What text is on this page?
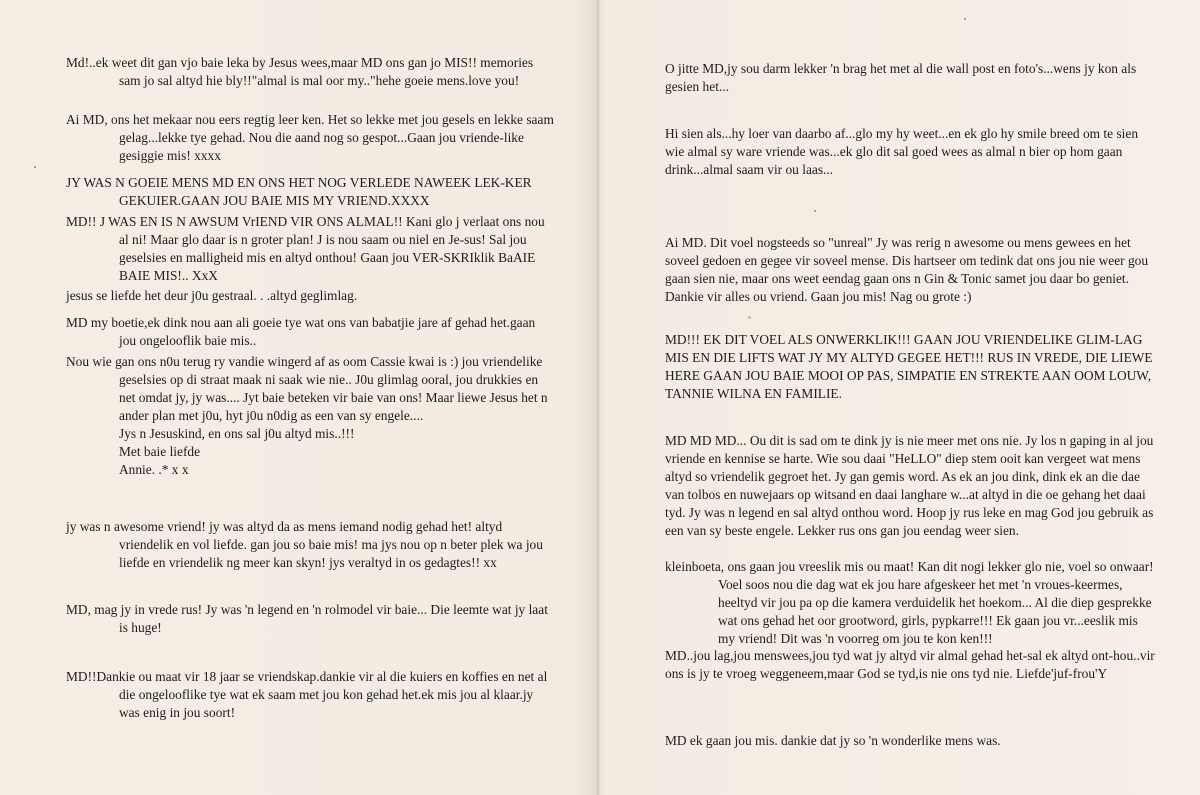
Md!..ek weet dit gan vjo baie leka by Jesus wees,maar MD ons gan jo MIS!! memories sam jo sal altyd hie bly!!"almal is mal oor my.."hehe goeie mens.love you!

Ai MD, ons het mekaar nou eers regtig leer ken. Het so lekke met jou gesels en lekke saam gelag...lekke tye gehad. Nou die aand nog so gespot...Gaan jou vriende-like gesiggie mis! xxxx

JY WAS N GOEIE MENS MD EN ONS HET NOG VERLEDE NAWEEK LEK-KER GEKUIER.GAAN JOU BAIE MIS MY VRIEND.XXXX

MD!! J WAS EN IS N AWSUM VrIEND VIR ONS ALMAL!! Kani glo j verlaat ons nou al ni! Maar glo daar is n groter plan! J is nou saam ou niel en Je-sus! Sal jou geselsies en malligheid mis en altyd onthou! Gaan jou VER-SKRIklik BaAIE BAIE MIS!.. XxX

jesus se liefde het deur j0u gestraal. . .altyd geglimlag.

MD my boetie,ek dink nou aan ali goeie tye wat ons van babatjie jare af gehad het.gaan jou ongelooflik baie mis..

Nou wie gan ons n0u terug ry vandie wingerd af as oom Cassie kwai is :) jou vriendelike geselsies op di straat maak ni saak wie nie.. J0u glimlag ooral, jou drukkies en net omdat jy, jy was.... Jyt baie beteken vir baie van ons! Maar liewe Jesus het n ander plan met j0u, hyt j0u n0dig as een van sy engele....
Jys n Jesuskind, en ons sal j0u altyd mis..!!!
Met baie liefde
Annie. .* x x

jy was n awesome vriend! jy was altyd da as mens iemand nodig gehad het! altyd vriendelik en vol liefde. gan jou so baie mis! ma jys nou op n beter plek wa jou liefde en vriendelik ng meer kan skyn! jys veraltyd in os gedagtes!! xx

MD, mag jy in vrede rus! Jy was 'n legend en 'n rolmodel vir baie... Die leemte wat jy laat is huge!

MD!!Dankie ou maat vir 18 jaar se vriendskap.dankie vir al die kuiers en koffies en net al die ongelooflike tye wat ek saam met jou kon gehad het.ek mis jou al klaar.jy was enig in jou soort!

O jitte MD,jy sou darm lekker 'n brag het met al die wall post en foto's...wens jy kon als gesien het...

Hi sien als...hy loer van daarbo af...glo my hy weet...en ek glo hy smile breed om te sien wie almal sy ware vriende was...ek glo dit sal goed wees as almal n bier op hom gaan drink...almal saam vir ou laas...

Ai MD. Dit voel nogsteeds so "unreal" Jy was rerig n awesome ou mens gewees en het soveel gedoen en gegee vir soveel mense. Dis hartseer om tedink dat ons jou nie weer gou gaan sien nie, maar ons weet eendag gaan ons n Gin & Tonic samet jou daar bo geniet. Dankie vir alles ou vriend. Gaan jou mis! Nag ou grote :)

MD!!! EK DIT VOEL ALS ONWERKLIK!!! GAAN JOU VRIENDELIKE GLIM-LAG MIS EN DIE LIFTS WAT JY MY ALTYD GEGEE HET!!! RUS IN VREDE, DIE LIEWE HERE GAAN JOU BAIE MOOI OP PAS, SIMPATIE EN STREKTE AAN OOM LOUW, TANNIE WILNA EN FAMILIE.

MD MD MD... Ou dit is sad om te dink jy is nie meer met ons nie. Jy los n gaping in al jou vriende en kennise se harte. Wie sou daai "HeLLO" diep stem ooit kan vergeet wat mens altyd so vriendelik gegroet het. Jy gan gemis word. As ek an jou dink, dink ek an die dae van tolbos en nuwejaars op witsand en daai langhare w...at altyd in die oe gehang het daai tyd. Jy was n legend en sal altyd onthou word. Hoop jy rus leke en mag God jou gebruik as een van sy beste engele. Lekker rus ons gan jou eendag weer sien.

kleinboeta, ons gaan jou vreeslik mis ou maat! Kan dit nogi lekker glo nie, voel so onwaar! Voel soos nou die dag wat ek jou hare afgeskeer het met 'n vroues-keermes, heeltyd vir jou pa op die kamera verduidelik het hoekom... Al die diep gesprekke wat ons gehad het oor grootword, girls, pypkarre!!! Ek gaan jou vr...eeslik mis my vriend! Dit was 'n voorreg om jou te kon ken!!!

MD..jou lag,jou menswees,jou tyd wat jy altyd vir almal gehad het-sal ek altyd ont-hou..vir ons is jy te vroeg weggeneem,maar God se tyd,is nie ons tyd nie. Liefde'juf-frou'Y

MD ek gaan jou mis. dankie dat jy so 'n wonderlike mens was.
